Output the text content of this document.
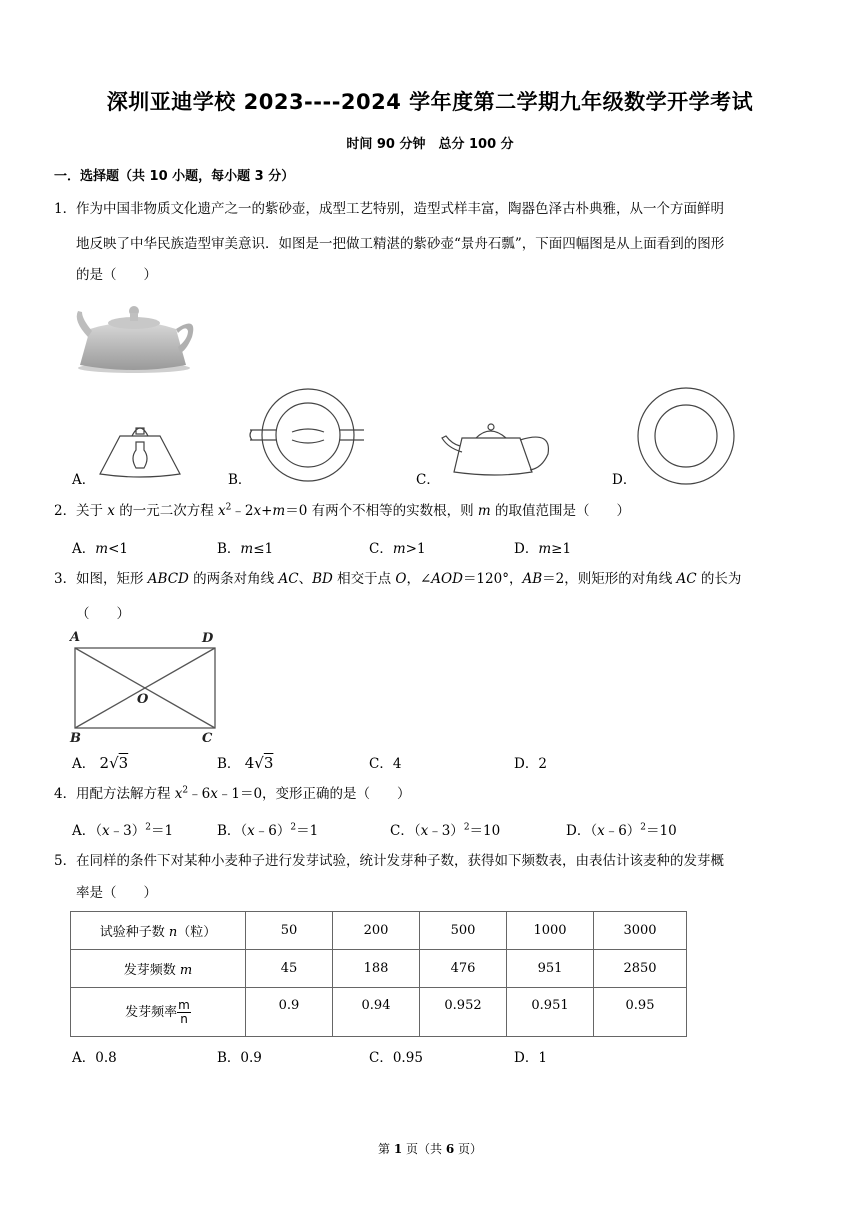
深圳亚迪学校 2023----2024 学年度第二学期九年级数学开学考试
时间 90 分钟　总分 100 分
一．选择题（共 10 小题，每小题 3 分）
1． 作为中国非物质文化遗产之一的紫砂壶，成型工艺特别，造型式样丰富，陶器色泽古朴典雅，从一个方面鲜明
地反映了中华民族造型审美意识．如图是一把做工精湛的紫砂壶“景舟石瓢”，下面四幅图是从上面看到的图形
的是（　　）
A．	B．	C．	D．
2． 关于 x 的一元二次方程 $x^2﹣2x+m=0$ 有两个不相等的实数根，则 m 的取值范围是（　　）
A．m<1	B．m≤1	C．m>1	D．m≥1
3． 如图，矩形 ABCD 的两条对角线 AC、BD 相交于点 O，∠AOD＝120°，AB＝2，则矩形的对角线 AC 的长为
（　　）
A	D
O
B	C
A． 2√3	B． 4√3	C．4	D．2
4． 用配方法解方程 $x^2﹣6x﹣1=0$，变形正确的是（　　）
A．（x﹣3）$^2$＝1	B．（x﹣6）$^2$＝1	C．（x﹣3）$^2$＝10	D．（x﹣6）$^2$＝10
5． 在同样的条件下对某种小麦种子进行发芽试验，统计发芽种子数，获得如下频数表，由表估计该麦种的发芽概
率是（　　）
试验种子数 n（粒）	50	200	500	1000	3000
发芽频数 m	45	188	476	951	2850
发芽频率 $\frac{m}{n}$	0.9	0.94	0.952	0.951	0.95
A．0.8	B．0.9	C．0.95	D．1
第 1 页（共 6 页）
